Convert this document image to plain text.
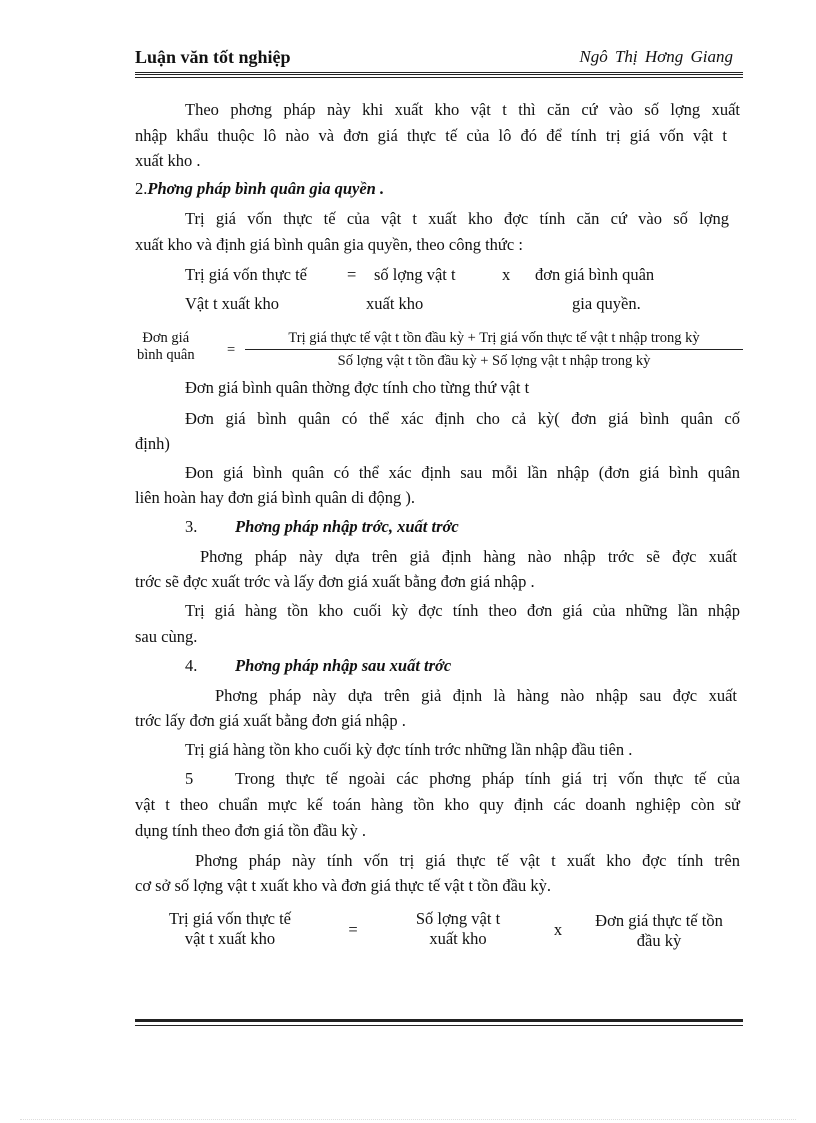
Luận văn tốt nghiệp	Ngô Thị Hơng Giang
Theo phơng pháp này khi xuất kho vật t thì căn cứ vào số lợng xuất
nhập khẩu thuộc lô nào và đơn giá thực tế của lô đó để tính trị giá vốn vật t
xuất kho .
2.Phơng pháp bình quân gia quyền .
Trị giá vốn thực tế của vật t xuất kho đợc tính căn cứ vào số lợng
xuất kho và định giá bình quân gia quyền, theo công thức :
Trị giá vốn thực tế = số lợng vật t	x đơn giá bình quân
Vật t xuất kho	xuất kho	gia quyền.
Đơn giá
bình quân =
Trị giá thực tế vật t tồn đầu kỳ + Trị giá vốn thực tế vật t nhập trong kỳ
Số lợng vật t tồn đầu kỳ + Số lợng vật t nhập trong kỳ
Đơn giá bình quân thờng đợc tính cho từng thứ vật t
Đơn giá bình quân có thể xác định cho cả kỳ( đơn giá bình quân cố
định)
Đon giá bình quân có thể xác định sau mỗi lần nhập (đơn giá bình quân
liên hoàn hay đơn giá bình quân di động ).
3. Phơng pháp nhập trớc, xuất trớc
Phơng pháp này dựa trên giả định hàng nào nhập trớc sẽ đợc xuất
trớc sẽ đợc xuất trớc và lấy đơn giá xuất bằng đơn giá nhập .
Trị giá hàng tồn kho cuối kỳ đợc tính theo đơn giá của những lần nhập
sau cùng.
4. Phơng pháp nhập sau xuất trớc
Phơng pháp này dựa trên giả định là hàng nào nhập sau đợc xuất
trớc lấy đơn giá xuất bằng đơn giá nhập .
Trị giá hàng tồn kho cuối kỳ đợc tính trớc những lần nhập đầu tiên .
5	Trong thực tế ngoài các phơng pháp tính giá trị vốn thực tế của
vật t theo chuẩn mực kế toán hàng tồn kho quy định các doanh nghiệp còn sử
dụng tính theo đơn giá tồn đầu kỳ .
Phơng pháp này tính vốn trị giá thực tế vật t xuất kho đợc tính trên
cơ sở số lợng vật t xuất kho và đơn giá thực tế vật t tồn đầu kỳ.
Trị giá vốn thực tế
vật t xuất kho	=
Số lợng vật t
xuất kho	x	Đơn giá thực tế tồn
đầu kỳ
